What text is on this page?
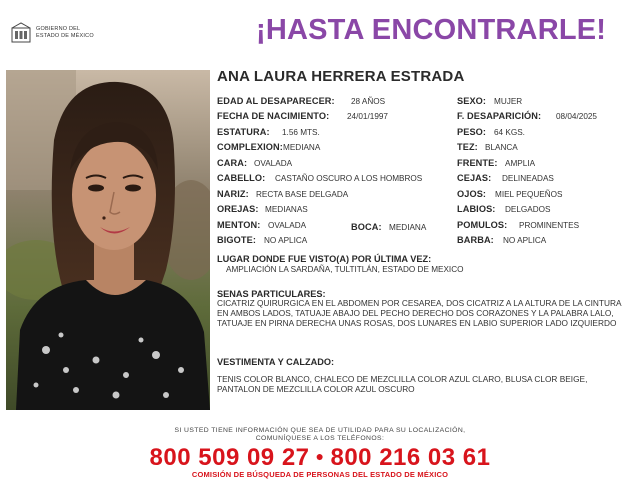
GOBIERNO DEL
ESTADO DE MÉXICO	¡HASTA ENCONTRARLE!
ANA LAURA HERRERA ESTRADA
EDAD AL DESAPARECER: 28 AÑOS
FECHA DE NACIMIENTO: 24/01/1997
ESTATURA: 1.56 MTS.
COMPLEXION: MEDIANA
CARA: OVALADA
CABELLO: CASTAÑO OSCURO A LOS HOMBROS
NARIZ: RECTA BASE DELGADA
OREJAS: MEDIANAS
MENTON: OVALADA	BOCA: MEDIANA
BIGOTE: NO APLICA
SEXO: MUJER
F. DESAPARICIÓN: 08/04/2025
PESO: 64 KGS.
TEZ: BLANCA
FRENTE: AMPLIA
CEJAS: DELINEADAS
OJOS: MIEL PEQUEÑOS
LABIOS: DELGADOS
POMULOS: PROMINENTES
BARBA: NO APLICA
LUGAR DONDE FUE VISTO(A) POR ÚLTIMA VEZ:
AMPLIACIÓN LA SARDAÑA, TULTITLÁN, ESTADO DE MEXICO
SENAS PARTICULARES:
CICATRIZ QUIRURGICA EN EL ABDOMEN POR CESAREA, DOS CICATRIZ A LA ALTURA DE LA CINTURA EN AMBOS LADOS, TATUAJE ABAJO DEL PECHO DERECHO DOS CORAZONES Y LA PALABRA LALO, TATUAJE EN PIRNA DERECHA UNAS ROSAS, DOS LUNARES EN LABIO SUPERIOR LADO IZQUIERDO
VESTIMENTA Y CALZADO:
TENIS COLOR BLANCO, CHALECO DE MEZCLILLA COLOR AZUL CLARO, BLUSA CLOR BEIGE, PANTALON DE MEZCLILLA COLOR AZUL OSCURO
SI USTED TIENE INFORMACIÓN QUE SEA DE UTILIDAD PARA SU LOCALIZACIÓN,
COMUNÍQUESE A LOS TELÉFONOS:
800 509 09 27 ● 800 216 03 61
COMISIÓN DE BÚSQUEDA DE PERSONAS DEL ESTADO DE MÉXICO
